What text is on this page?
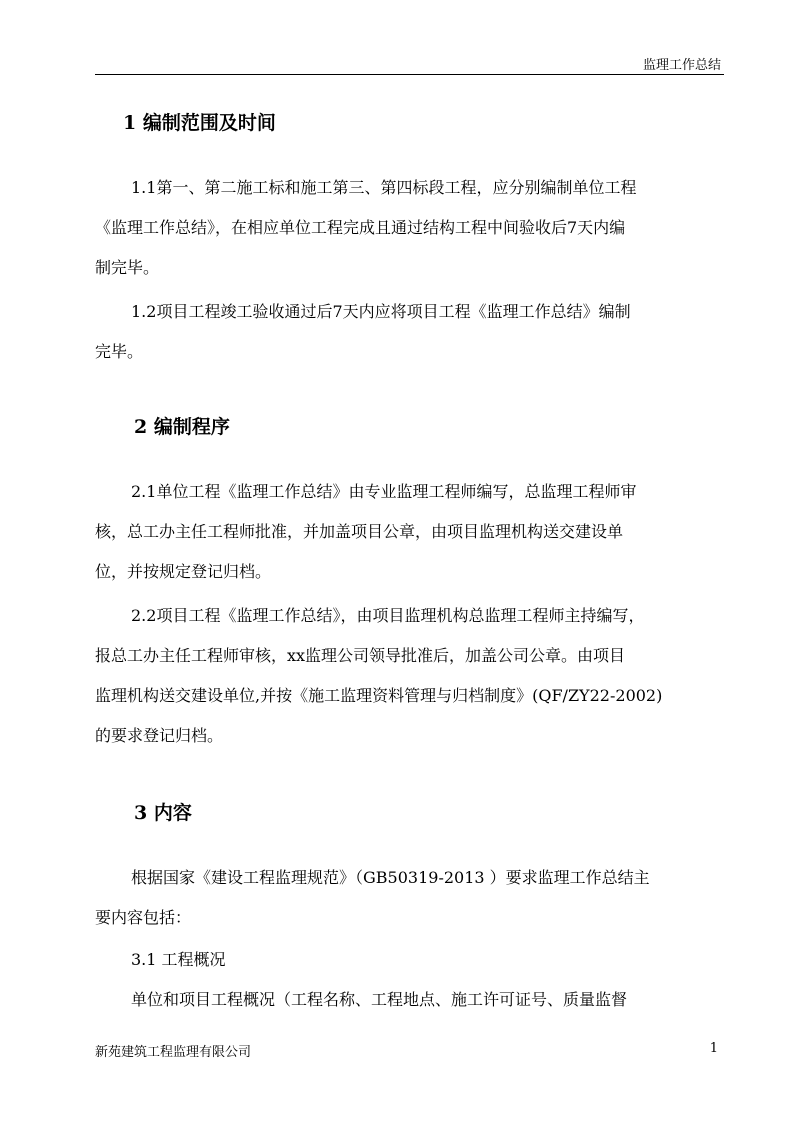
监理工作总结
1 编制范围及时间
1.1第一、第二施工标和施工第三、第四标段工程，应分别编制单位工程
《监理工作总结》，在相应单位工程完成且通过结构工程中间验收后7天内编
制完毕。
1.2项目工程竣工验收通过后7天内应将项目工程《监理工作总结》编制
完毕。
2 编制程序
2.1单位工程《监理工作总结》由专业监理工程师编写，总监理工程师审
核，总工办主任工程师批准，并加盖项目公章，由项目监理机构送交建设单
位，并按规定登记归档。
2.2项目工程《监理工作总结》，由项目监理机构总监理工程师主持编写，
报总工办主任工程师审核，xx监理公司领导批准后，加盖公司公章。由项目
监理机构送交建设单位,并按《施工监理资料管理与归档制度》(QF/ZY22-2002)
的要求登记归档。
3 内容
根据国家《建设工程监理规范》（GB50319-2013 ）要求监理工作总结主
要内容包括：
3.1 工程概况
单位和项目工程概况（工程名称、工程地点、施工许可证号、质量监督
新苑建筑工程监理有限公司	1
